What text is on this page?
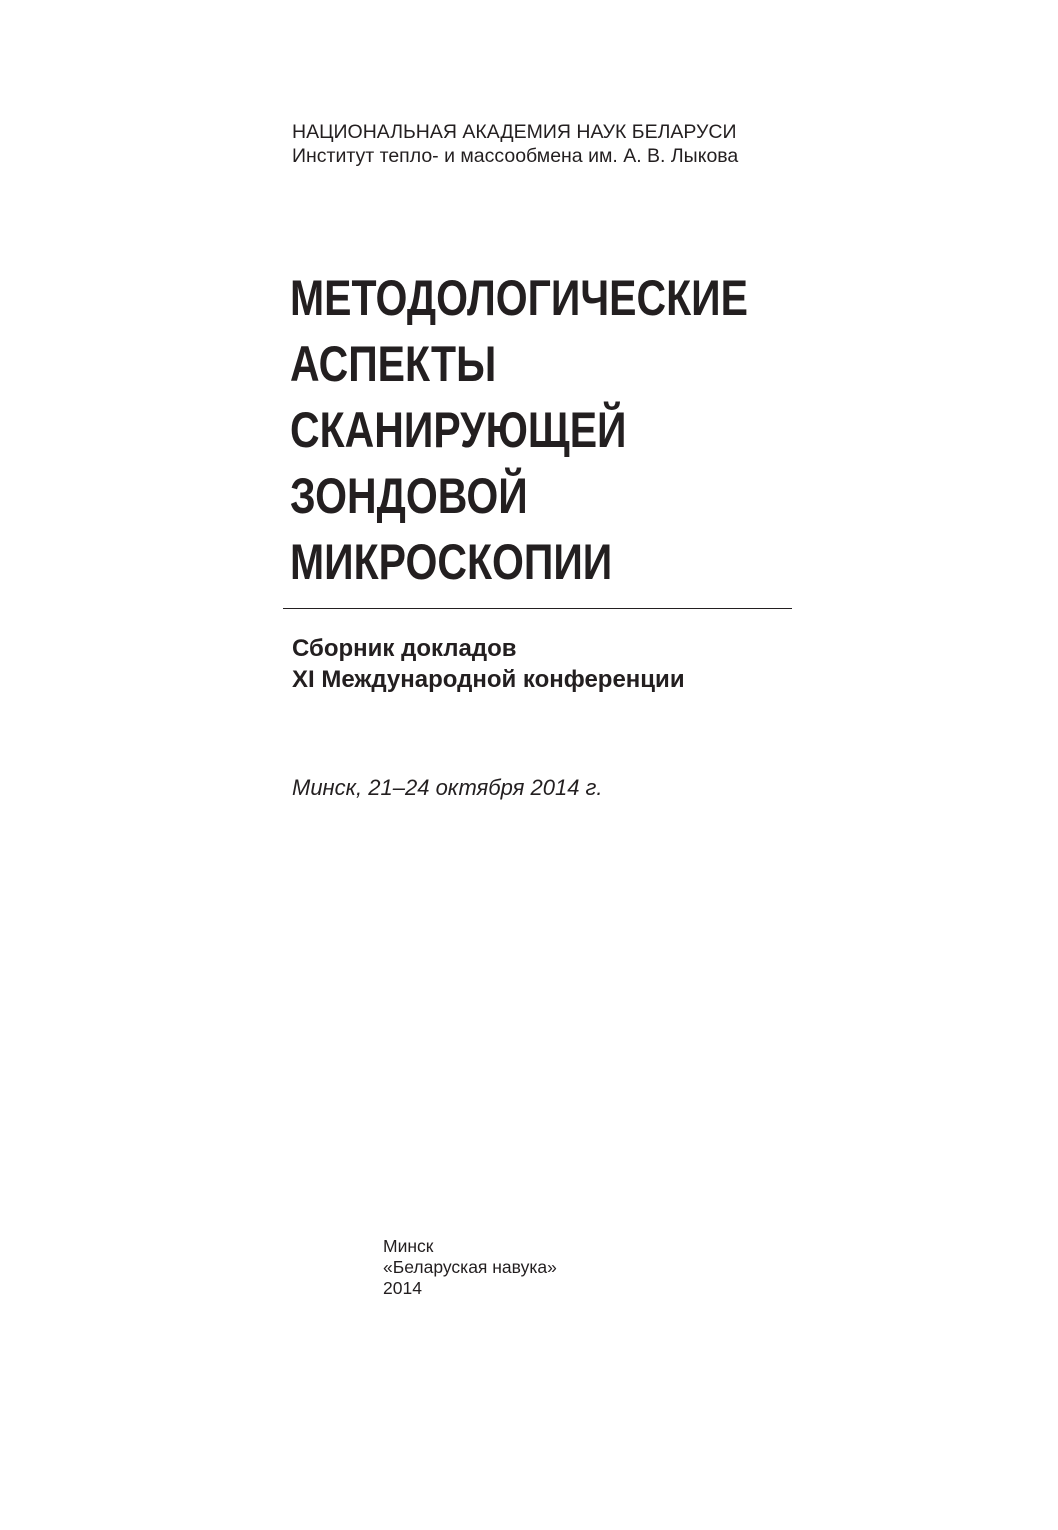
НАЦИОНАЛЬНАЯ АКАДЕМИЯ НАУК БЕЛАРУСИ
Институт тепло- и массообмена им. А. В. Лыкова
МЕТОДОЛОГИЧЕСКИЕ
АСПЕКТЫ
СКАНИРУЮЩЕЙ
ЗОНДОВОЙ
МИКРОСКОПИИ
Сборник докладов
XI Международной конференции
Минск, 21–24 октября 2014 г.
Минск
«Беларуская навука»
2014
